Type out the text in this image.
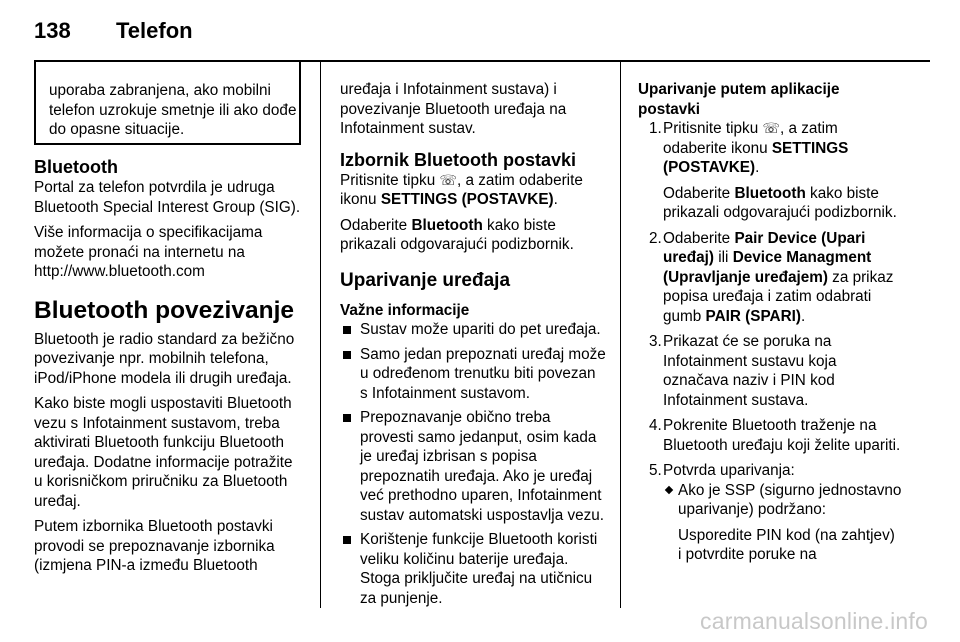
138 Telefon
uporaba zabranjena, ako mobilni telefon uzrokuje smetnje ili ako dođe do opasne situacije.
Bluetooth

Portal za telefon potvrdila je udruga Bluetooth Special Interest Group (SIG).

Više informacija o specifikacijama možete pronaći na internetu na http://www.bluetooth.com

Bluetooth povezivanje

Bluetooth je radio standard za bežično povezivanje npr. mobilnih telefona, iPod/iPhone modela ili drugih uređaja.

Kako biste mogli uspostaviti Bluetooth vezu s Infotainment sustavom, treba aktivirati Bluetooth funkciju Bluetooth uređaja. Dodatne informacije potražite u korisničkom priručniku za Bluetooth uređaj.

Putem izbornika Bluetooth postavki provodi se prepoznavanje izbornika (izmjena PIN-a između Bluetooth

uređaja i Infotainment sustava) i povezivanje Bluetooth uređaja na Infotainment sustav.

Izbornik Bluetooth postavki

Pritisnite tipku ☏, a zatim odaberite ikonu SETTINGS (POSTAVKE).

Odaberite Bluetooth kako biste prikazali odgovarajući podizbornik.

Uparivanje uređaja
Važne informacije
Sustav može upariti do pet uređaja.
Samo jedan prepoznati uređaj može u određenom trenutku biti povezan s Infotainment sustavom.
Prepoznavanje obično treba provesti samo jedanput, osim kada je uređaj izbrisan s popisa prepoznatih uređaja. Ako je uređaj već prethodno uparen, Infotainment sustav automatski uspostavlja vezu.
Korištenje funkcije Bluetooth koristi veliku količinu baterije uređaja. Stoga priključite uređaj na utičnicu za punjenje.
Uparivanje putem aplikacije postavki
1. Pritisnite tipku ☏, a zatim odaberite ikonu SETTINGS (POSTAVKE).
Odaberite Bluetooth kako biste prikazali odgovarajući podizbornik.
2. Odaberite Pair Device (Upari uređaj) ili Device Managment (Upravljanje uređajem) za prikaz popisa uređaja i zatim odabrati gumb PAIR (SPARI).
3. Prikazat će se poruka na Infotainment sustavu koja označava naziv i PIN kod Infotainment sustava.
4. Pokrenite Bluetooth traženje na Bluetooth uređaju koji želite upariti.
5. Potvrda uparivanja:
Ako je SSP (sigurno jednostavno uparivanje) podržano:
Usporedite PIN kod (na zahtjev) i potvrdite poruke na
carmanualsonline.info
